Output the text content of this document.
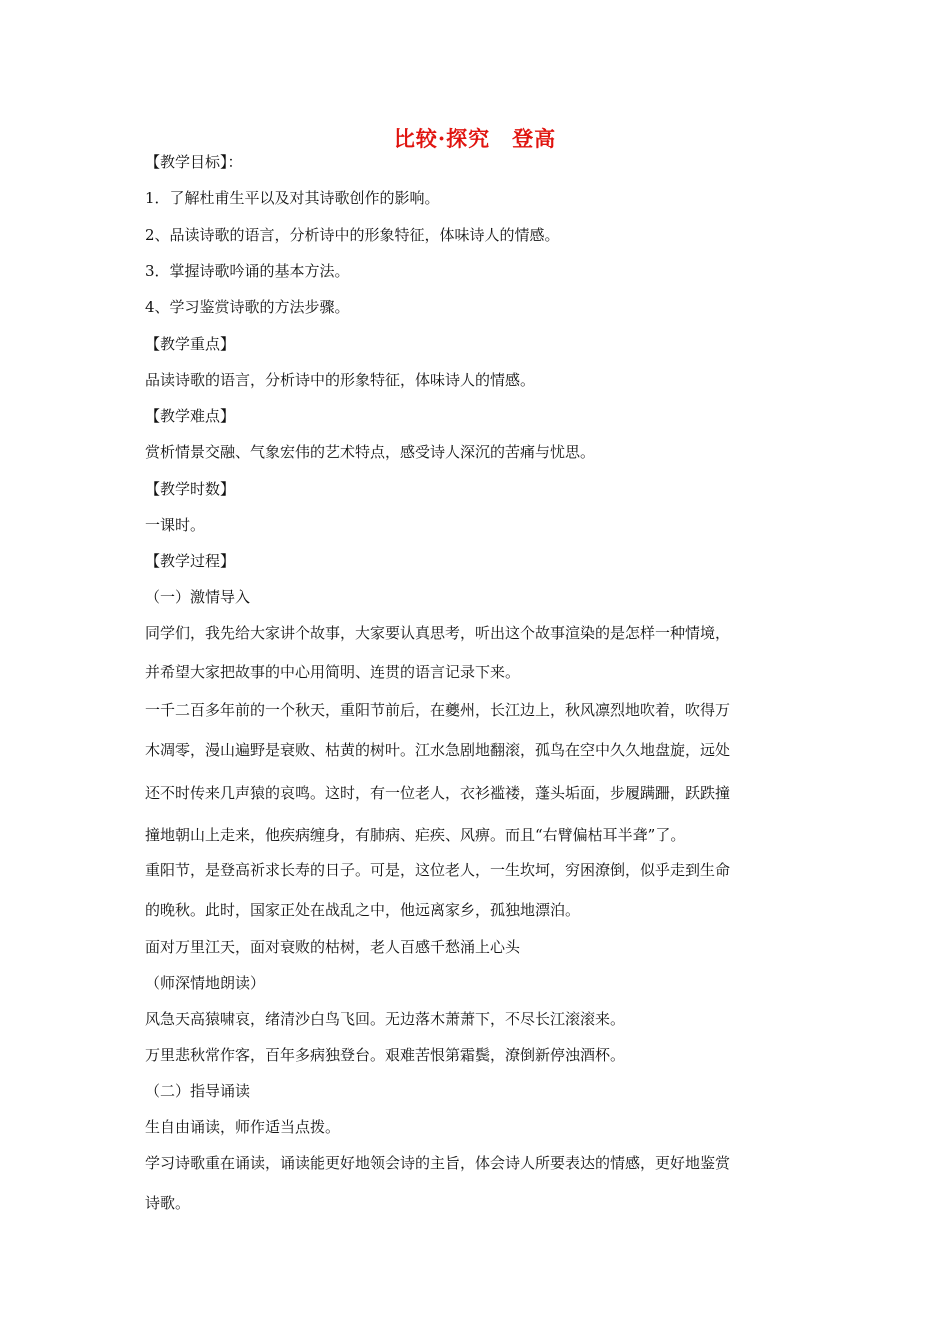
比较·探究　登高
【教学目标】：
1．了解杜甫生平以及对其诗歌创作的影响。
2、品读诗歌的语言，分析诗中的形象特征，体味诗人的情感。
3．掌握诗歌吟诵的基本方法。
4、学习鉴赏诗歌的方法步骤。
【教学重点】
品读诗歌的语言，分析诗中的形象特征，体味诗人的情感。
【教学难点】
赏析情景交融、气象宏伟的艺术特点，感受诗人深沉的苦痛与忧思。
【教学时数】
一课时。
【教学过程】
（一）激情导入
同学们，我先给大家讲个故事，大家要认真思考，听出这个故事渲染的是怎样一种情境，
并希望大家把故事的中心用简明、连贯的语言记录下来。
一千二百多年前的一个秋天，重阳节前后，在夔州，长江边上，秋风凛烈地吹着，吹得万
木凋零，漫山遍野是衰败、枯黄的树叶。江水急剧地翻滚，孤鸟在空中久久地盘旋，远处
还不时传来几声猿的哀鸣。这时，有一位老人，衣衫褴褛，蓬头垢面，步履蹒跚，跃跌撞
撞地朝山上走来，他疾病缠身，有肺病、疟疾、风痹。而且“右臂偏枯耳半聋”了。
重阳节，是登高祈求长寿的日子。可是，这位老人，一生坎坷，穷困潦倒，似乎走到生命
的晚秋。此时，国家正处在战乱之中，他远离家乡，孤独地漂泊。
面对万里江天，面对衰败的枯树，老人百感千愁涌上心头
（师深情地朗读）
风急天高猿啸哀，绪清沙白鸟飞回。无边落木萧萧下，不尽长江滚滚来。
万里悲秋常作客，百年多病独登台。艰难苦恨第霜鬓，潦倒新停浊酒杯。
（二）指导诵读
生自由诵读，师作适当点拨。
学习诗歌重在诵读，诵读能更好地领会诗的主旨，体会诗人所要表达的情感，更好地鉴赏
诗歌。
